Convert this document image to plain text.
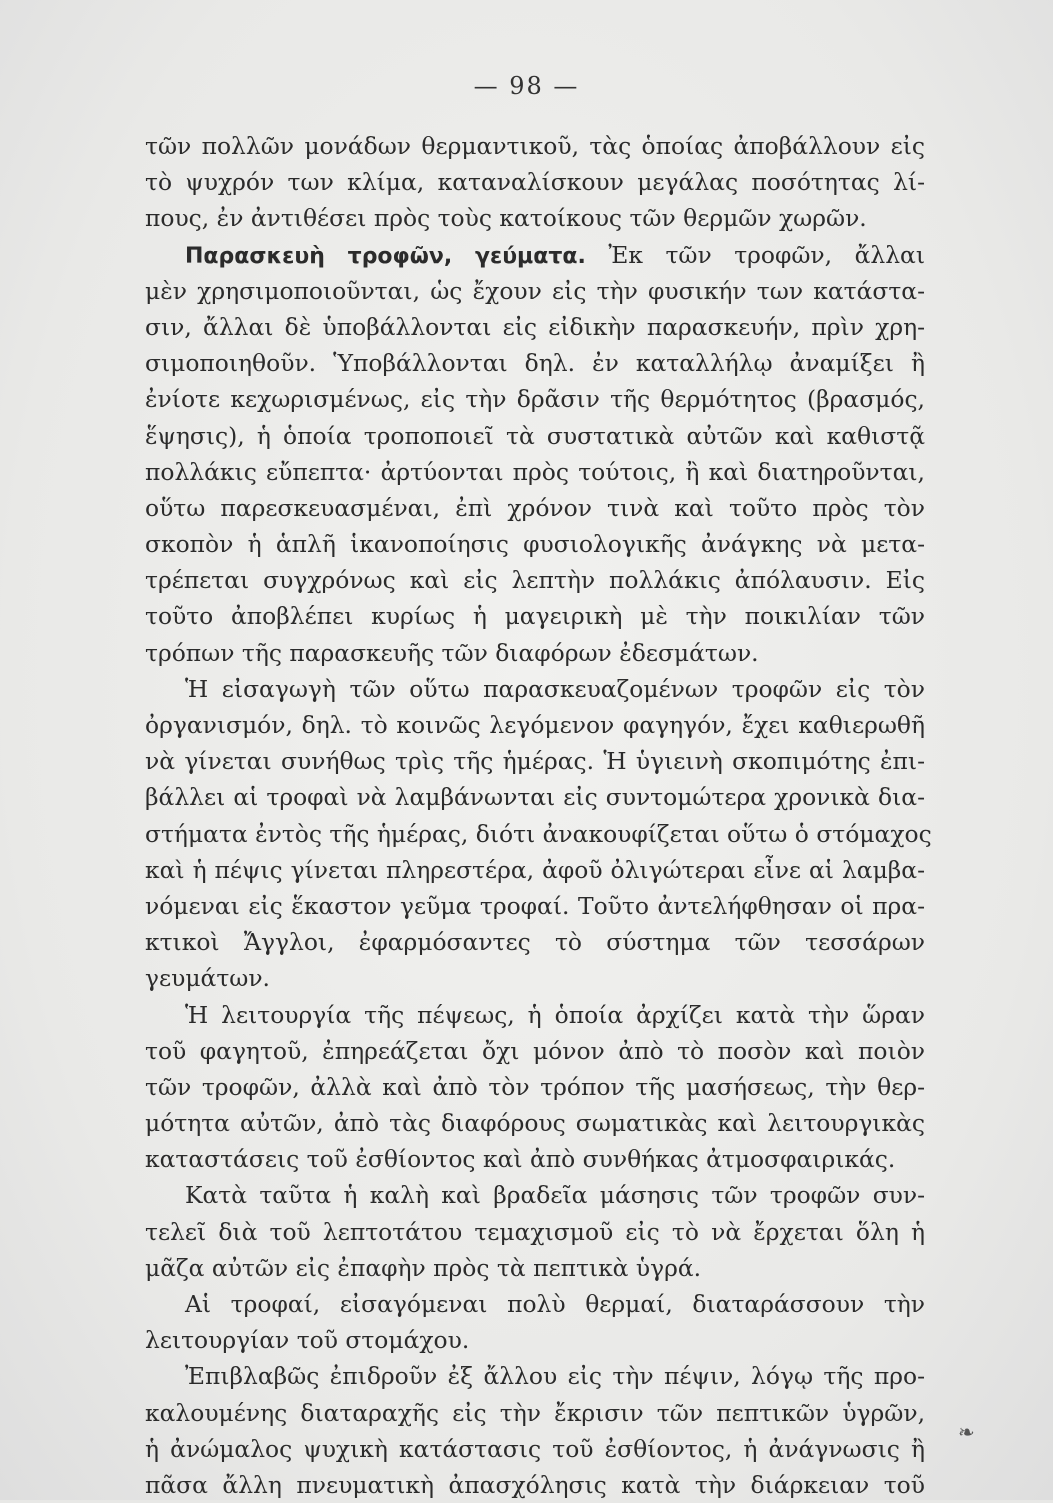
— 98 —
τῶν πολλῶν μονάδων θερμαντικοῦ, τὰς ὁποίας ἀποβάλλουν εἰς
τὸ ψυχρόν των κλίμα, καταναλίσκουν μεγάλας ποσότητας λί-
πους, ἐν ἀντιθέσει πρὸς τοὺς κατοίκους τῶν θερμῶν χωρῶν.
Παρασκευὴ τροφῶν, γεύματα. Ἐκ τῶν τροφῶν, ἄλλαι
μὲν χρησιμοποιοῦνται, ὡς ἔχουν εἰς τὴν φυσικήν των κατάστα-
σιν, ἄλλαι δὲ ὑποβάλλονται εἰς εἰδικὴν παρασκευήν, πρὶν χρη-
σιμοποιηθοῦν. Ὑποβάλλονται δηλ. ἐν καταλλήλῳ ἀναμίξει ἢ
ἐνίοτε κεχωρισμένως, εἰς τὴν δρᾶσιν τῆς θερμότητος (βρασμός,
ἕψησις), ἡ ὁποία τροποποιεῖ τὰ συστατικὰ αὐτῶν καὶ καθιστᾷ
πολλάκις εὔπεπτα· ἀρτύονται πρὸς τούτοις, ἢ καὶ διατηροῦνται,
οὕτω παρεσκευασμέναι, ἐπὶ χρόνον τινὰ καὶ τοῦτο πρὸς τὸν
σκοπὸν ἡ ἁπλῆ ἱκανοποίησις φυσιολογικῆς ἀνάγκης νὰ μετα-
τρέπεται συγχρόνως καὶ εἰς λεπτὴν πολλάκις ἀπόλαυσιν. Εἰς
τοῦτο ἀποβλέπει κυρίως ἡ μαγειρικὴ μὲ τὴν ποικιλίαν τῶν
τρόπων τῆς παρασκευῆς τῶν διαφόρων ἐδεσμάτων.
Ἡ εἰσαγωγὴ τῶν οὕτω παρασκευαζομένων τροφῶν εἰς τὸν
ὀργανισμόν, δηλ. τὸ κοινῶς λεγόμενον φαγηγόν, ἔχει καθιερωθῆ
νὰ γίνεται συνήθως τρὶς τῆς ἡμέρας. Ἡ ὑγιεινὴ σκοπιμότης ἐπι-
βάλλει αἱ τροφαὶ νὰ λαμβάνωνται εἰς συντομώτερα χρονικὰ δια-
στήματα ἐντὸς τῆς ἡμέρας, διότι ἀνακουφίζεται οὕτω ὁ στόμαχος
καὶ ἡ πέψις γίνεται πληρεστέρα, ἀφοῦ ὀλιγώτεραι εἶνε αἱ λαμβα-
νόμεναι εἰς ἕκαστον γεῦμα τροφαί. Τοῦτο ἀντελήφθησαν οἱ πρα-
κτικοὶ Ἄγγλοι, ἐφαρμόσαντες τὸ σύστημα τῶν τεσσάρων
γευμάτων.
Ἡ λειτουργία τῆς πέψεως, ἡ ὁποία ἀρχίζει κατὰ τὴν ὥραν
τοῦ φαγητοῦ, ἐπηρεάζεται ὄχι μόνον ἀπὸ τὸ ποσὸν καὶ ποιὸν
τῶν τροφῶν, ἀλλὰ καὶ ἀπὸ τὸν τρόπον τῆς μασήσεως, τὴν θερ-
μότητα αὐτῶν, ἀπὸ τὰς διαφόρους σωματικὰς καὶ λειτουργικὰς
καταστάσεις τοῦ ἐσθίοντος καὶ ἀπὸ συνθήκας ἀτμοσφαιρικάς.
Κατὰ ταῦτα ἡ καλὴ καὶ βραδεῖα μάσησις τῶν τροφῶν συν-
τελεῖ διὰ τοῦ λεπτοτάτου τεμαχισμοῦ εἰς τὸ νὰ ἔρχεται ὅλη ἡ
μᾶζα αὐτῶν εἰς ἐπαφὴν πρὸς τὰ πεπτικὰ ὑγρά.
Αἱ τροφαί, εἰσαγόμεναι πολὺ θερμαί, διαταράσσουν τὴν
λειτουργίαν τοῦ στομάχου.
Ἐπιβλαβῶς ἐπιδροῦν ἐξ ἄλλου εἰς τὴν πέψιν, λόγῳ τῆς προ-
καλουμένης διαταραχῆς εἰς τὴν ἔκρισιν τῶν πεπτικῶν ὑγρῶν,
ἡ ἀνώμαλος ψυχικὴ κατάστασις τοῦ ἐσθίοντος, ἡ ἀνάγνωσις ἢ
πᾶσα ἄλλη πνευματικὴ ἀπασχόλησις κατὰ τὴν διάρκειαν τοῦ
❧
